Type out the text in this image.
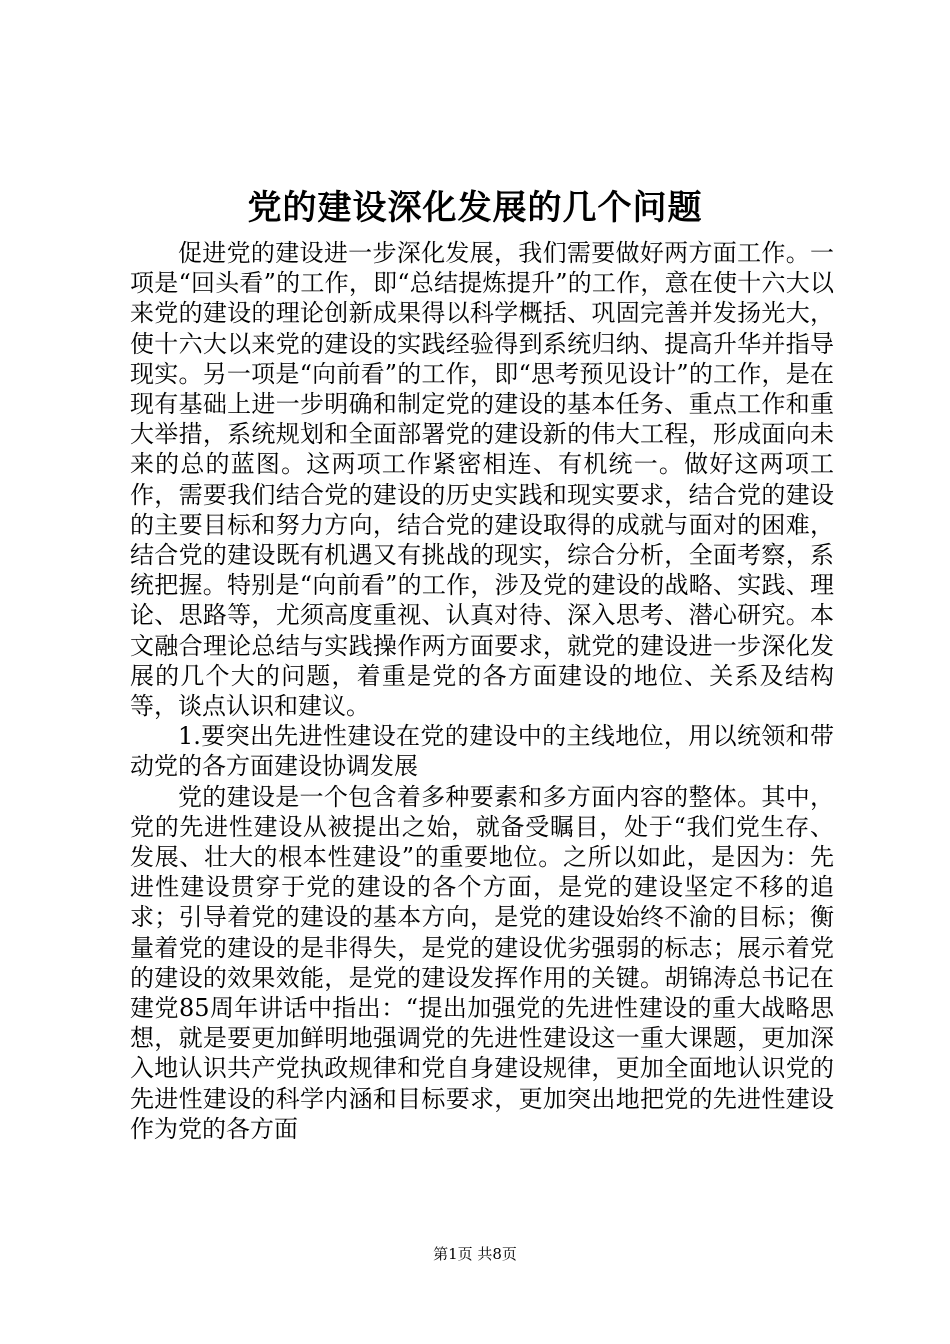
党的建设深化发展的几个问题

促进党的建设进一步深化发展，我们需要做好两方面工作。一项是“回头看”的工作，即“总结提炼提升”的工作，意在使十六大以来党的建设的理论创新成果得以科学概括、巩固完善并发扬光大，使十六大以来党的建设的实践经验得到系统归纳、提高升华并指导现实。另一项是“向前看”的工作，即“思考预见设计”的工作，是在现有基础上进一步明确和制定党的建设的基本任务、重点工作和重大举措，系统规划和全面部署党的建设新的伟大工程，形成面向未来的总的蓝图。这两项工作紧密相连、有机统一。做好这两项工作，需要我们结合党的建设的历史实践和现实要求，结合党的建设的主要目标和努力方向，结合党的建设取得的成就与面对的困难，结合党的建设既有机遇又有挑战的现实，综合分析，全面考察，系统把握。特别是“向前看”的工作，涉及党的建设的战略、实践、理论、思路等，尤须高度重视、认真对待、深入思考、潜心研究。本文融合理论总结与实践操作两方面要求，就党的建设进一步深化发展的几个大的问题，着重是党的各方面建设的地位、关系及结构等，谈点认识和建议。

1.要突出先进性建设在党的建设中的主线地位，用以统领和带动党的各方面建设协调发展

党的建设是一个包含着多种要素和多方面内容的整体。其中，党的先进性建设从被提出之始，就备受瞩目，处于“我们党生存、发展、壮大的根本性建设”的重要地位。之所以如此，是因为：先进性建设贯穿于党的建设的各个方面，是党的建设坚定不移的追求；引导着党的建设的基本方向，是党的建设始终不渝的目标；衡量着党的建设的是非得失，是党的建设优劣强弱的标志；展示着党的建设的效果效能，是党的建设发挥作用的关键。胡锦涛总书记在建党85周年讲话中指出：“提出加强党的先进性建设的重大战略思想，就是要更加鲜明地强调党的先进性建设这一重大课题，更加深入地认识共产党执政规律和党自身建设规律，更加全面地认识党的先进性建设的科学内涵和目标要求，更加突出地把党的先进性建设作为党的各方面

第1页 共8页
